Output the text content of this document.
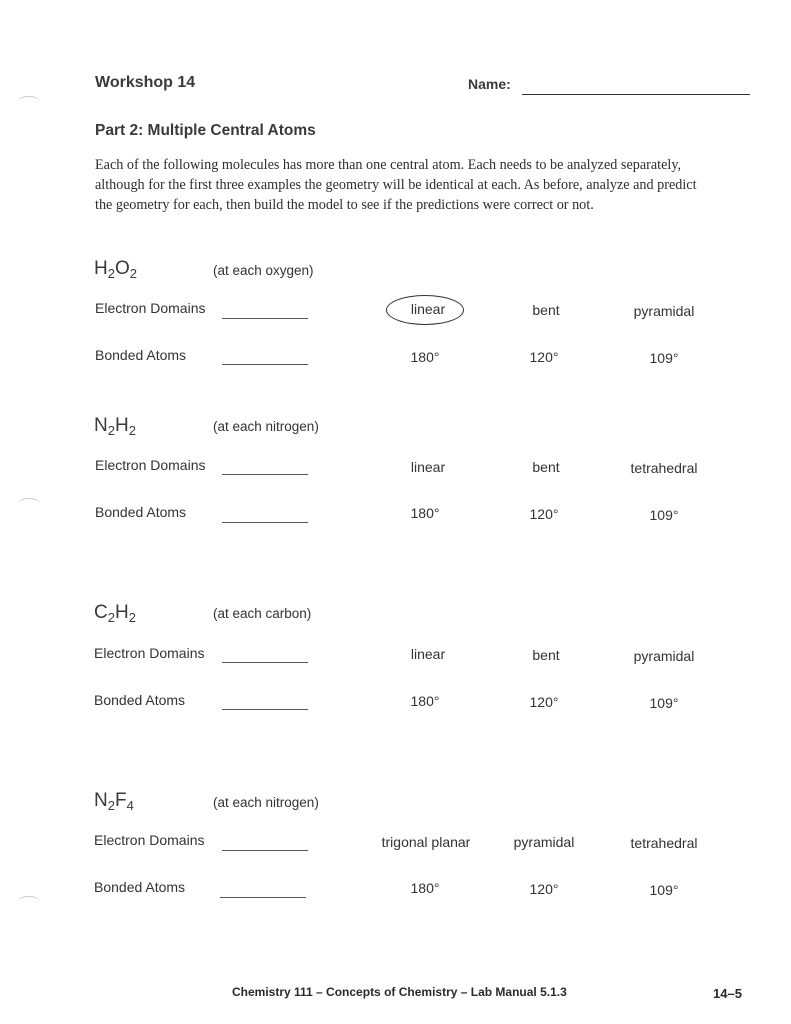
Workshop 14	Name:
Part 2: Multiple Central Atoms
Each of the following molecules has more than one central atom. Each needs to be analyzed separately, although for the first three examples the geometry will be identical at each. As before, analyze and predict the geometry for each, then build the model to see if the predictions were correct or not.
$H_2O_2$	(at each oxygen)
Electron Domains	linear	bent	pyramidal
Bonded Atoms	180°	120°	109°
$N_2H_2$	(at each nitrogen)
Electron Domains	linear	bent	tetrahedral
Bonded Atoms	180°	120°	109°
$C_2H_2$	(at each carbon)
Electron Domains	linear	bent	pyramidal
Bonded Atoms	180°	120°	109°
$N_2F_4$	(at each nitrogen)
Electron Domains	trigonal planar	pyramidal	tetrahedral
Bonded Atoms	180°	120°	109°
Chemistry 111 – Concepts of Chemistry – Lab Manual 5.1.3	14–5
